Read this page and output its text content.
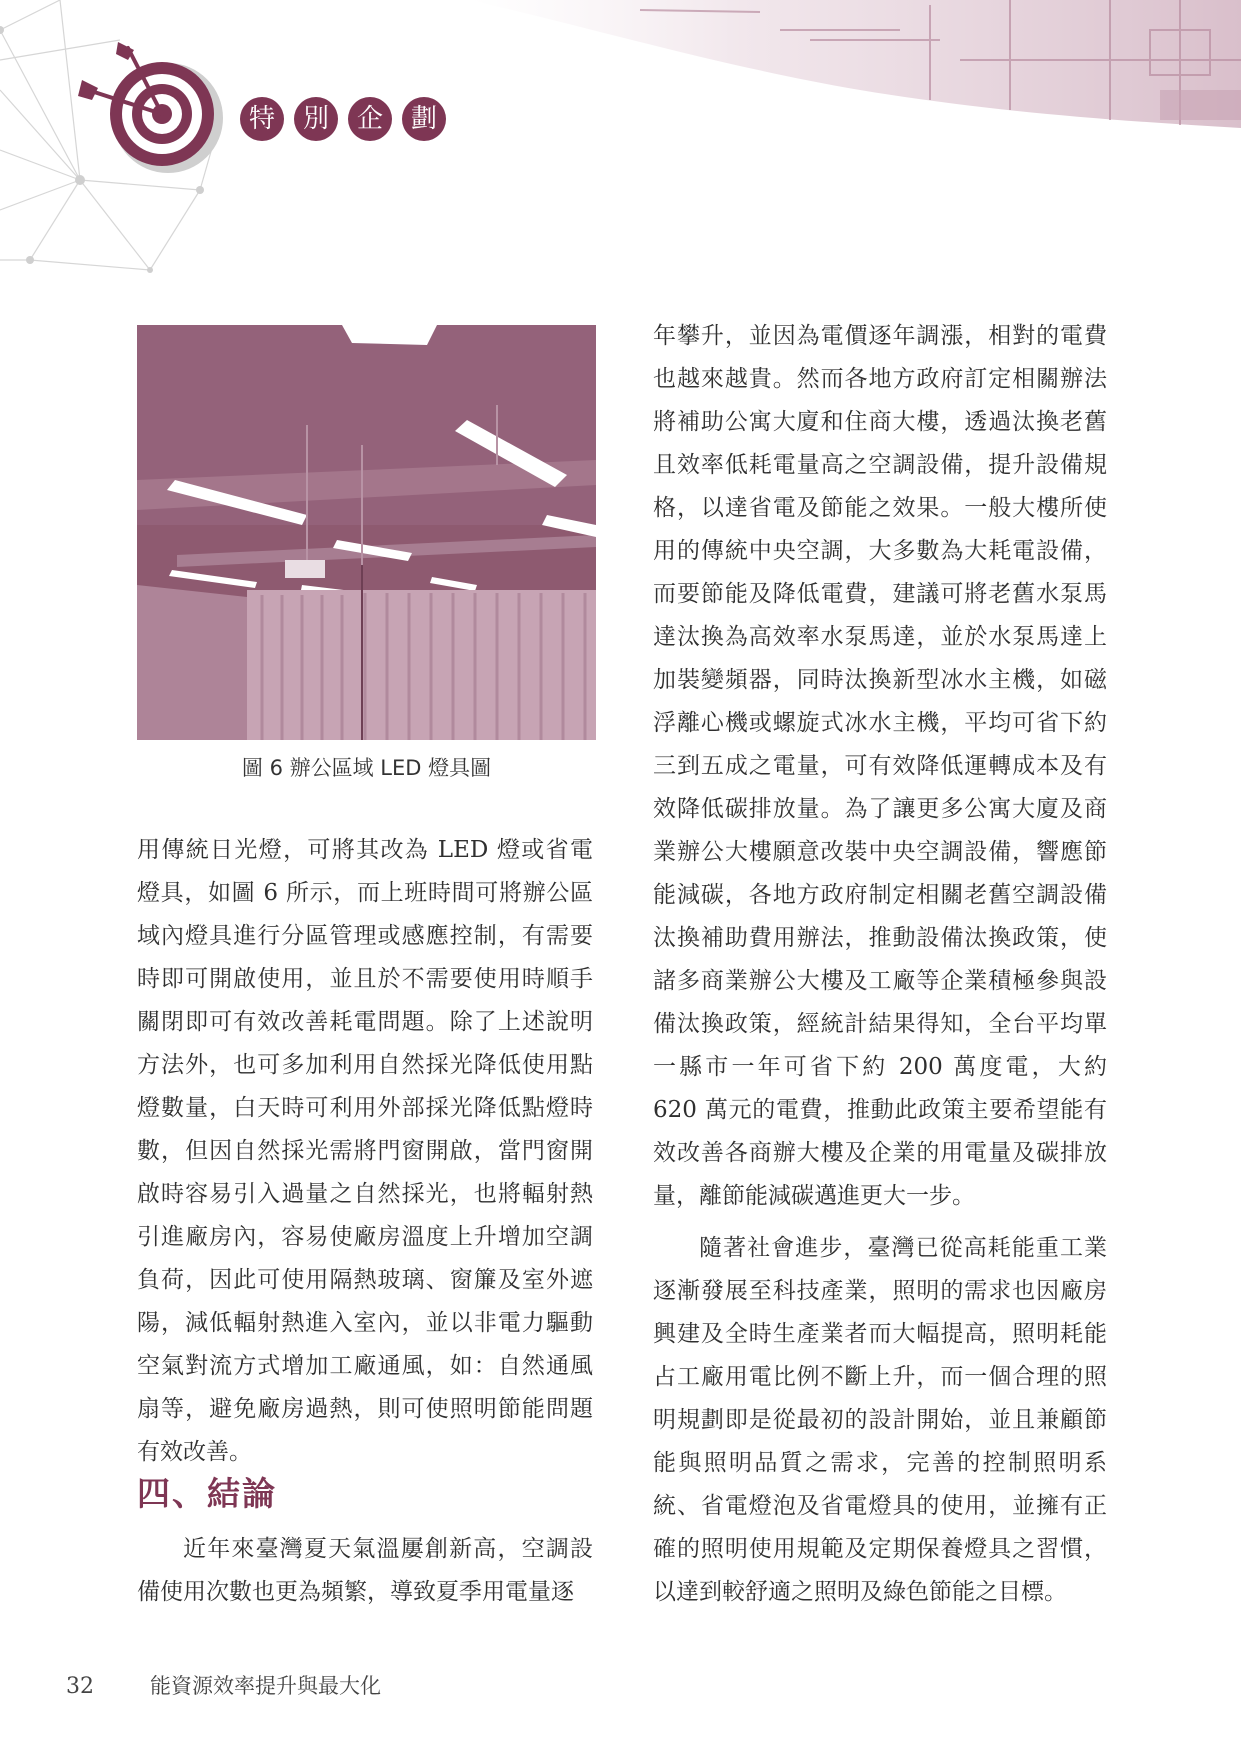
特	別	企	劃
圖 6 辦公區域 LED 燈具圖

用傳統日光燈，可將其改為 LED 燈或省電燈具，如圖 6 所示，而上班時間可將辦公區域內燈具進行分區管理或感應控制，有需要時即可開啟使用，並且於不需要使用時順手關閉即可有效改善耗電問題。除了上述說明方法外，也可多加利用自然採光降低使用點燈數量，白天時可利用外部採光降低點燈時數，但因自然採光需將門窗開啟，當門窗開啟時容易引入過量之自然採光，也將輻射熱引進廠房內，容易使廠房溫度上升增加空調負荷，因此可使用隔熱玻璃、窗簾及室外遮陽，減低輻射熱進入室內，並以非電力驅動空氣對流方式增加工廠通風，如：自然通風扇等，避免廠房過熱，則可使照明節能問題有效改善。

四、結論

近年來臺灣夏天氣溫屢創新高，空調設備使用次數也更為頻繁，導致夏季用電量逐

年攀升，並因為電價逐年調漲，相對的電費也越來越貴。然而各地方政府訂定相關辦法將補助公寓大廈和住商大樓，透過汰換老舊且效率低耗電量高之空調設備，提升設備規格，以達省電及節能之效果。一般大樓所使用的傳統中央空調，大多數為大耗電設備，而要節能及降低電費，建議可將老舊水泵馬達汰換為高效率水泵馬達，並於水泵馬達上加裝變頻器，同時汰換新型冰水主機，如磁浮離心機或螺旋式冰水主機，平均可省下約三到五成之電量，可有效降低運轉成本及有效降低碳排放量。為了讓更多公寓大廈及商業辦公大樓願意改裝中央空調設備，響應節能減碳，各地方政府制定相關老舊空調設備汰換補助費用辦法，推動設備汰換政策，使諸多商業辦公大樓及工廠等企業積極參與設備汰換政策，經統計結果得知，全台平均單一縣市一年可省下約 200 萬度電，大約 620 萬元的電費，推動此政策主要希望能有效改善各商辦大樓及企業的用電量及碳排放量，離節能減碳邁進更大一步。

隨著社會進步，臺灣已從高耗能重工業逐漸發展至科技產業，照明的需求也因廠房興建及全時生產業者而大幅提高，照明耗能占工廠用電比例不斷上升，而一個合理的照明規劃即是從最初的設計開始，並且兼顧節能與照明品質之需求，完善的控制照明系統、省電燈泡及省電燈具的使用，並擁有正確的照明使用規範及定期保養燈具之習慣，以達到較舒適之照明及綠色節能之目標。

32	能資源效率提升與最大化
